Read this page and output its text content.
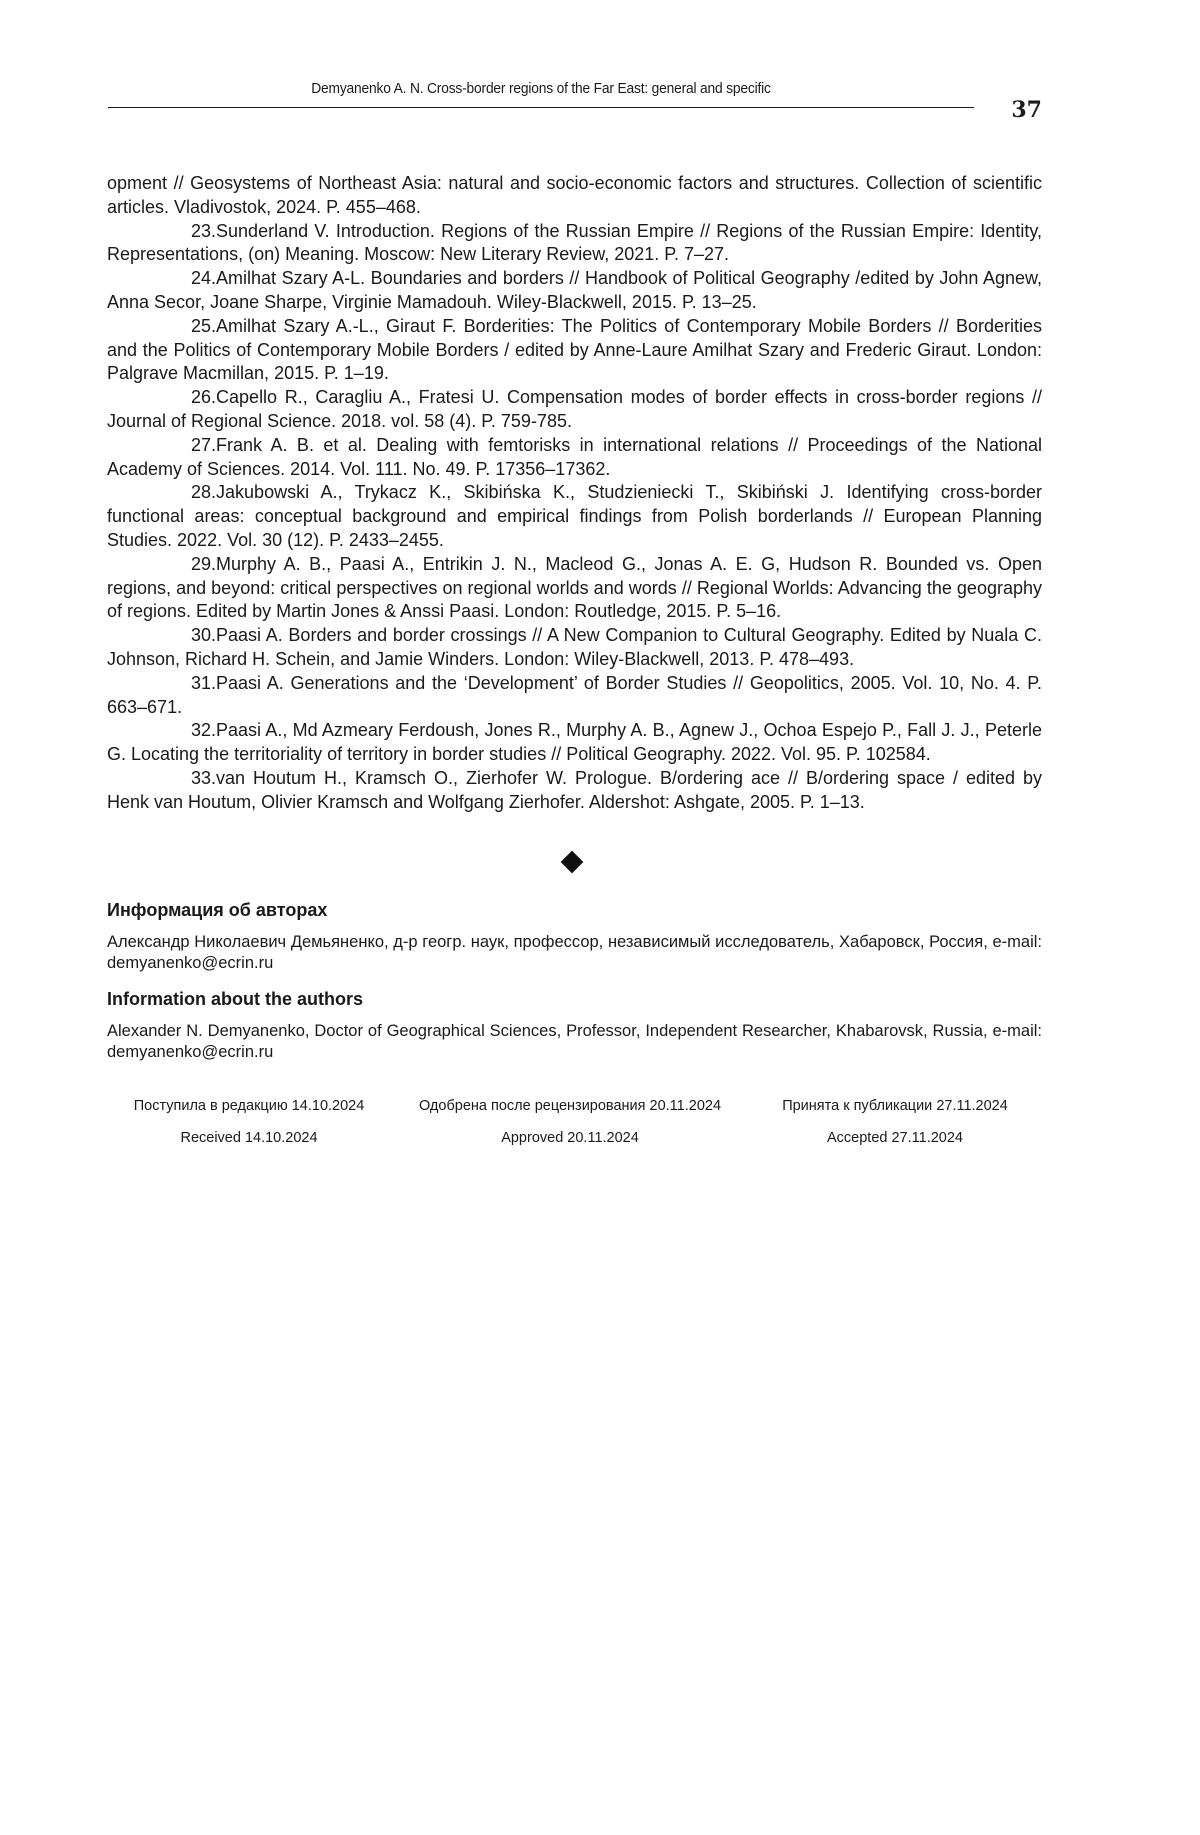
Demyanenko A. N. Cross-border regions of the Far East: general and specific
37

opment // Geosystems of Northeast Asia: natural and socio-economic factors and structures. Collection of scientific articles. Vladivostok, 2024. P. 455–468.

23.Sunderland V. Introduction. Regions of the Russian Empire // Regions of the Russian Empire: Identity, Representations, (on) Meaning. Moscow: New Literary Review, 2021. P. 7–27.

24.Amilhat Szary A-L. Boundaries and borders // Handbook of Political Geography /edited by John Agnew, Anna Secor, Joane Sharpe, Virginie Mamadouh. Wiley-Blackwell, 2015. P. 13–25.

25.Amilhat Szary A.-L., Giraut F. Borderities: The Politics of Contemporary Mobile Borders // Borderities and the Politics of Contemporary Mobile Borders / edited by Anne-Laure Amilhat Szary and Frederic Giraut. London: Palgrave Macmillan, 2015. P. 1–19.

26.Capello R., Caragliu A., Fratesi U. Compensation modes of border effects in cross-border regions // Journal of Regional Science. 2018. vol. 58 (4). P. 759-785.

27.Frank A. B. et al. Dealing with femtorisks in international relations // Proceedings of the National Academy of Sciences. 2014. Vol. 111. No. 49. P. 17356–17362.

28.Jakubowski A., Trykacz K., Skibińska K., Studzieniecki T., Skibiński J. Identifying cross-border functional areas: conceptual background and empirical findings from Polish borderlands // European Planning Studies. 2022. Vol. 30 (12). P. 2433–2455.

29.Murphy A. B., Paasi A., Entrikin J. N., Macleod G., Jonas A. E. G, Hudson R. Bounded vs. Open regions, and beyond: critical perspectives on regional worlds and words // Regional Worlds: Advancing the geography of regions. Edited by Martin Jones & Anssi Paasi. London: Routledge, 2015. P. 5–16.

30.Paasi A. Borders and border crossings // A New Companion to Cultural Geography. Edited by Nuala C. Johnson, Richard H. Schein, and Jamie Winders. London: Wiley-Blackwell, 2013. P. 478–493.

31.Paasi A. Generations and the ‘Development’ of Border Studies // Geopolitics, 2005. Vol. 10, No. 4. P. 663–671.

32.Paasi A., Md Azmeary Ferdoush, Jones R., Murphy A. B., Agnew J., Ochoa Espejo P., Fall J. J., Peterle G. Locating the territoriality of territory in border studies // Political Geography. 2022. Vol. 95. P. 102584.

33.van Houtum H., Kramsch O., Zierhofer W. Prologue. B/ordering ace // B/ordering space / edited by Henk van Houtum, Olivier Kramsch and Wolfgang Zierhofer. Aldershot: Ashgate, 2005. P. 1–13.

Информация об авторах

Александр Николаевич Демьяненко, д-р геогр. наук, профессор, независимый исследователь, Хабаровск, Россия, e-mail: demyanenko@ecrin.ru

Information about the authors

Alexander N. Demyanenko, Doctor of Geographical Sciences, Professor, Independent Researcher, Khabarovsk, Russia, e-mail: demyanenko@ecrin.ru

Поступила в редакцию 14.10.2024	Одобрена после рецензирования 20.11.2024	Принята к публикации 27.11.2024
Received 14.10.2024	Approved 20.11.2024	Accepted 27.11.2024
